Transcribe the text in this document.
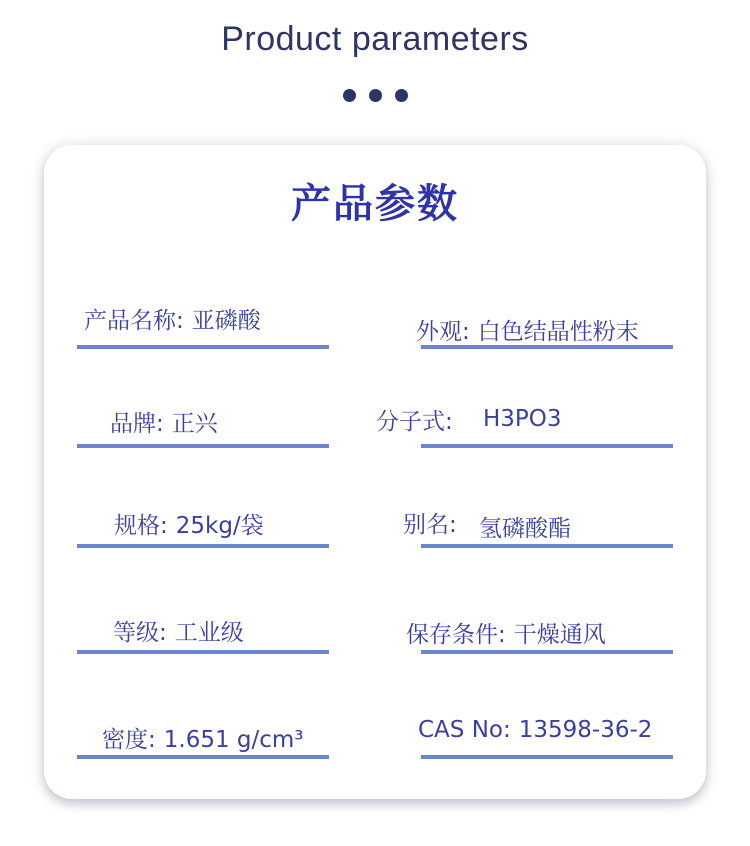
Product parameters
产品参数
产品名称: 亚磷酸	外观: 白色结晶性粉末
品牌: 正兴	分子式: H3PO3
规格: 25kg/袋	别名: 氢磷酸酯
等级: 工业级	保存条件: 干燥通风
密度: 1.651 g/cm³	CAS No: 13598-36-2
